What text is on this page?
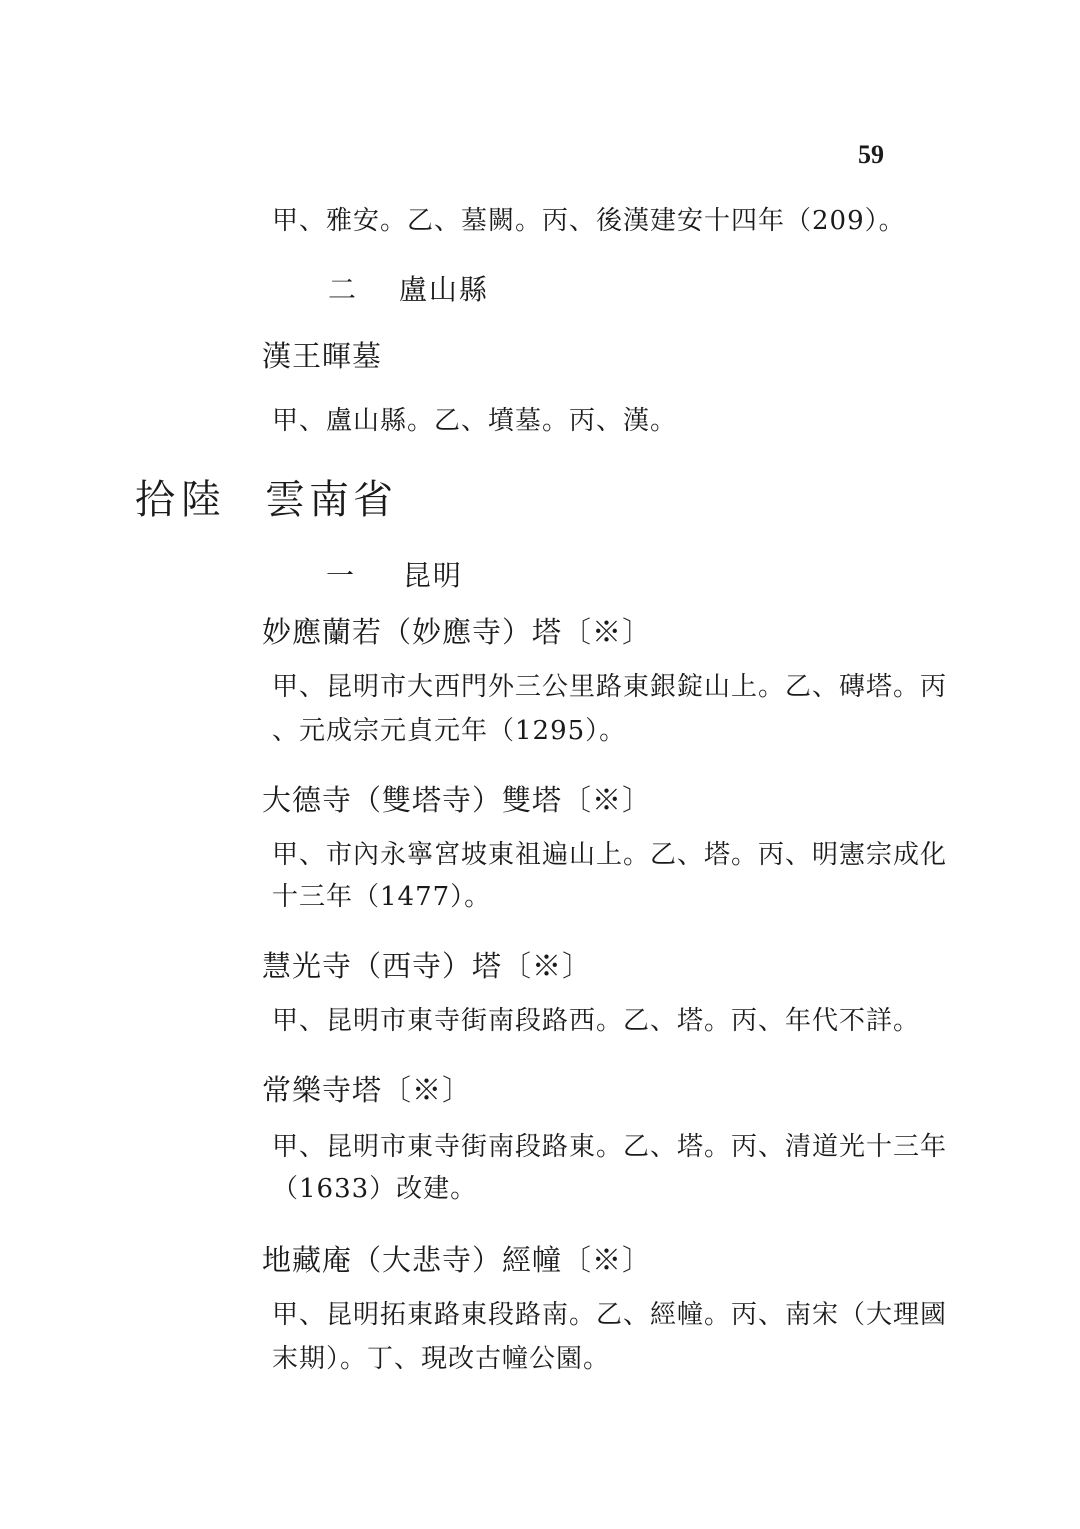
59
甲、雅安。乙、墓闕。丙、後漢建安十四年（209）。
二 盧山縣
漢王暉墓
甲、盧山縣。乙、墳墓。丙、漢。
拾陸 雲南省
一 昆明
妙應蘭若（妙應寺）塔〔※〕
甲、昆明市大西門外三公里路東銀錠山上。乙、磚塔。丙
、元成宗元貞元年（1295）。
大德寺（雙塔寺）雙塔〔※〕
甲、市內永寧宮坡東祖遍山上。乙、塔。丙、明憲宗成化
十三年（1477）。
慧光寺（西寺）塔〔※〕
甲、昆明市東寺街南段路西。乙、塔。丙、年代不詳。
常樂寺塔〔※〕
甲、昆明市東寺街南段路東。乙、塔。丙、清道光十三年
（1633）改建。
地藏庵（大悲寺）經幢〔※〕
甲、昆明拓東路東段路南。乙、經幢。丙、南宋（大理國
末期）。丁、現改古幢公園。
